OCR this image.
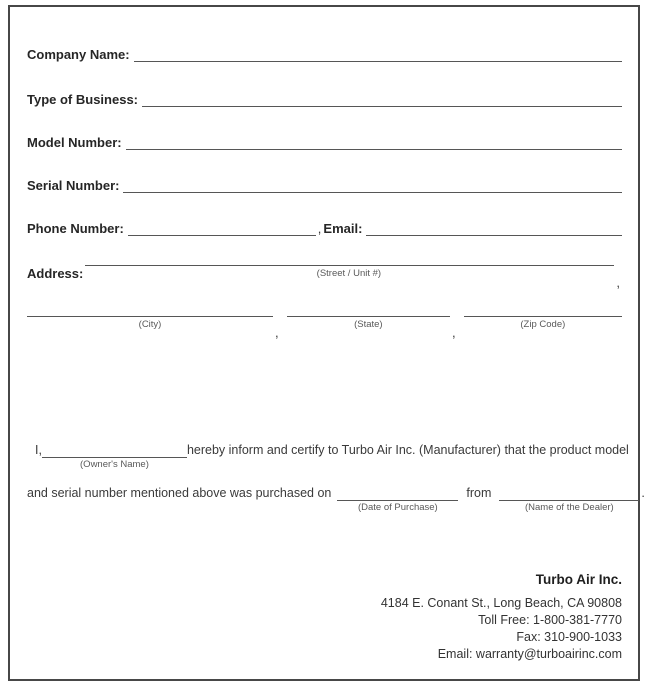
Company Name:
Type of Business:
Model Number:
Serial Number:
Phone Number:	, Email:
Address:	(Street / Unit #)
,
(City)
,
(State)
,
(Zip Code)
I,
(Owner's Name)
hereby inform and certify to Turbo Air Inc. (Manufacturer) that the product model
and serial number mentioned above was purchased on
(Date of Purchase)
from
(Name of the Dealer)
.
Turbo Air Inc.
4184 E. Conant St., Long Beach, CA 90808
Toll Free: 1-800-381-7770
Fax: 310-900-1033
Email: warranty@turboairinc.com
